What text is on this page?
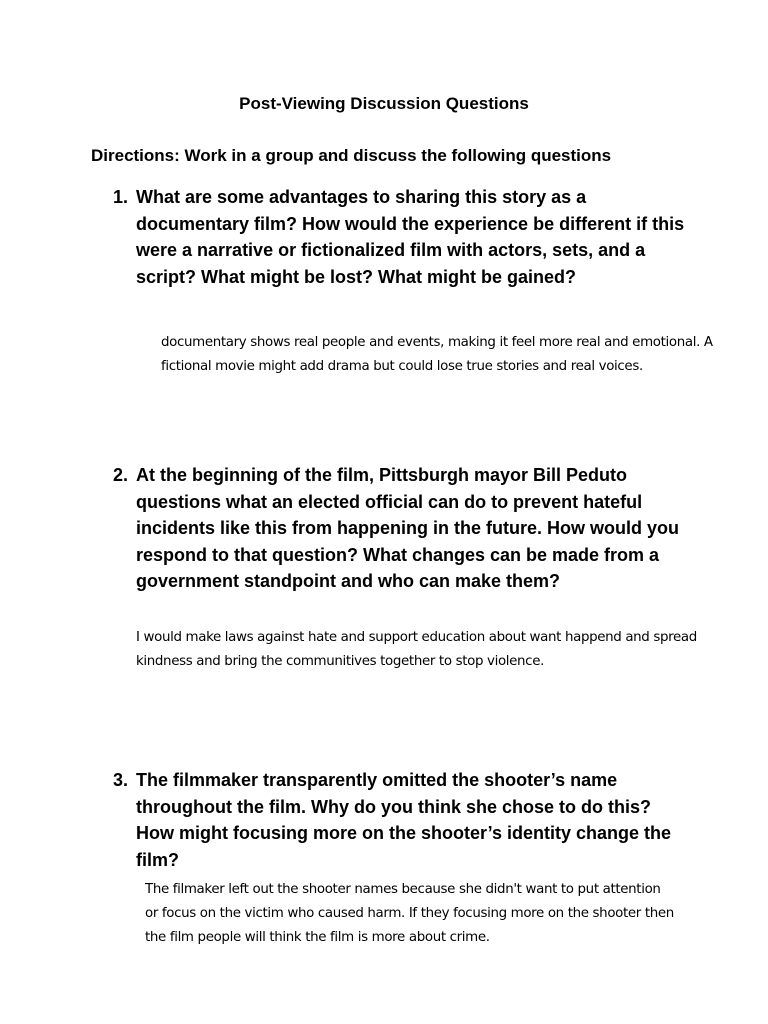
Post-Viewing Discussion Questions

Directions: Work in a group and discuss the following questions

1. What are some advantages to sharing this story as a documentary film? How would the experience be different if this were a narrative or fictionalized film with actors, sets, and a script? What might be lost? What might be gained?

documentary shows real people and events, making it feel more real and emotional. A fictional movie might add drama but could lose true stories and real voices.

2. At the beginning of the film, Pittsburgh mayor Bill Peduto questions what an elected official can do to prevent hateful incidents like this from happening in the future. How would you respond to that question? What changes can be made from a government standpoint and who can make them?

I would make laws against hate and support education about want happend and spread kindness and bring the communitives together to stop violence.

3. The filmmaker transparently omitted the shooter’s name throughout the film. Why do you think she chose to do this? How might focusing more on the shooter’s identity change the film?

The filmaker left out the shooter names because she didn't want to put attention or focus on the victim who caused harm. If they focusing more on the shooter then the film people will think the film is more about crime.
